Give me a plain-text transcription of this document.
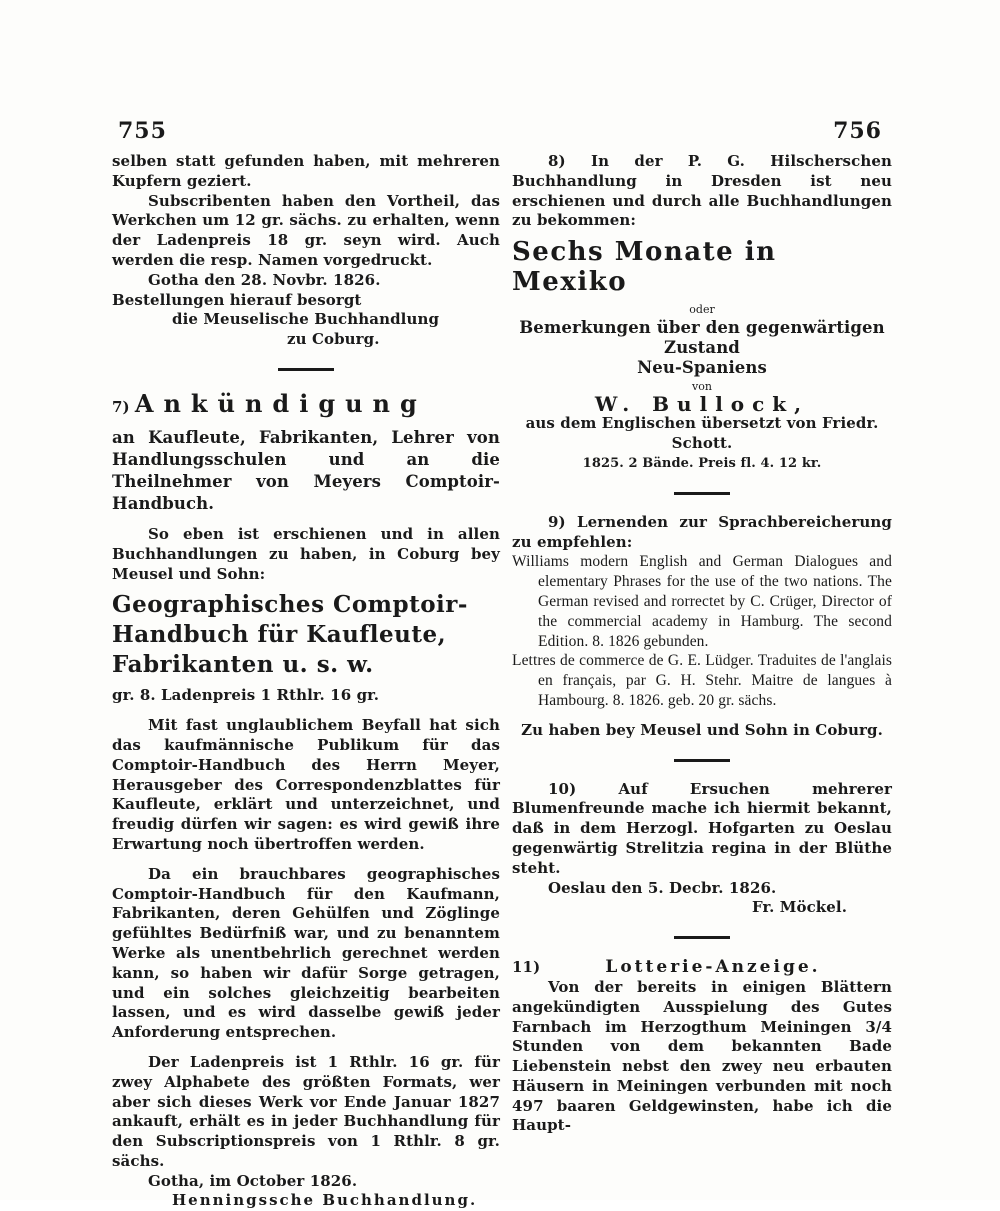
755	756

selben statt gefunden haben, mit mehreren Kupfern geziert.

Subscribenten haben den Vortheil, das Werkchen um 12 gr. sächs. zu erhalten, wenn der Ladenpreis 18 gr. seyn wird. Auch werden die resp. Namen vorgedruckt.

Gotha den 28. Novbr. 1826.

Bestellungen hierauf besorgt

die Meuselische Buchhandlung

zu Coburg.

7) Ankündigung

an Kaufleute, Fabrikanten, Lehrer von Handlungsschulen und an die Theilnehmer von Meyers Comptoir-Handbuch.

So eben ist erschienen und in allen Buchhandlungen zu haben, in Coburg bey Meusel und Sohn:

Geographisches Comptoir-Handbuch für Kaufleute, Fabrikanten u. s. w.

gr. 8. Ladenpreis 1 Rthlr. 16 gr.

Mit fast unglaublichem Beyfall hat sich das kaufmännische Publikum für das Comptoir-Handbuch des Herrn Meyer, Herausgeber des Correspondenzblattes für Kaufleute, erklärt und unterzeichnet, und freudig dürfen wir sagen: es wird gewiß ihre Erwartung noch übertroffen werden.

Da ein brauchbares geographisches Comptoir-Handbuch für den Kaufmann, Fabrikanten, deren Gehülfen und Zöglinge gefühltes Bedürfniß war, und zu benanntem Werke als unentbehrlich gerechnet werden kann, so haben wir dafür Sorge getragen, und ein solches gleichzeitig bearbeiten lassen, und es wird dasselbe gewiß jeder Anforderung entsprechen.

Der Ladenpreis ist 1 Rthlr. 16 gr. für zwey Alphabete des größten Formats, wer aber sich dieses Werk vor Ende Januar 1827 ankauft, erhält es in jeder Buchhandlung für den Subscriptionspreis von 1 Rthlr. 8 gr. sächs.

Gotha, im October 1826.

Henningssche Buchhandlung.

8) In der P. G. Hilscherschen Buchhandlung in Dresden ist neu erschienen und durch alle Buchhandlungen zu bekommen:

Sechs Monate in Mexiko

oder

Bemerkungen über den gegenwärtigen Zustand

Neu-Spaniens

von

W. Bullock,

aus dem Englischen übersetzt von Friedr. Schott.

1825. 2 Bände. Preis fl. 4. 12 kr.

9) Lernenden zur Sprachbereicherung zu empfehlen:

Williams modern English and German Dialogues and elementary Phrases for the use of the two nations. The German revised and rorrectet by C. Crüger, Director of the commercial academy in Hamburg. The second Edition. 8. 1826 gebunden.

Lettres de commerce de G. E. Lüdger. Traduites de l'anglais en français, par G. H. Stehr. Maitre de langues à Hambourg. 8. 1826. geb. 20 gr. sächs.

Zu haben bey Meusel und Sohn in Coburg.

10) Auf Ersuchen mehrerer Blumenfreunde mache ich hiermit bekannt, daß in dem Herzogl. Hofgarten zu Oeslau gegenwärtig Strelitzia regina in der Blüthe steht.

Oeslau den 5. Decbr. 1826.

Fr. Möckel.

11)	Lotterie-Anzeige.

Von der bereits in einigen Blättern angekündigten Ausspielung des Gutes Farnbach im Herzogthum Meiningen 3/4 Stunden von dem bekannten Bade Liebenstein nebst den zwey neu erbauten Häusern in Meiningen verbunden mit noch 497 baaren Geldgewinsten, habe ich die Haupt-
